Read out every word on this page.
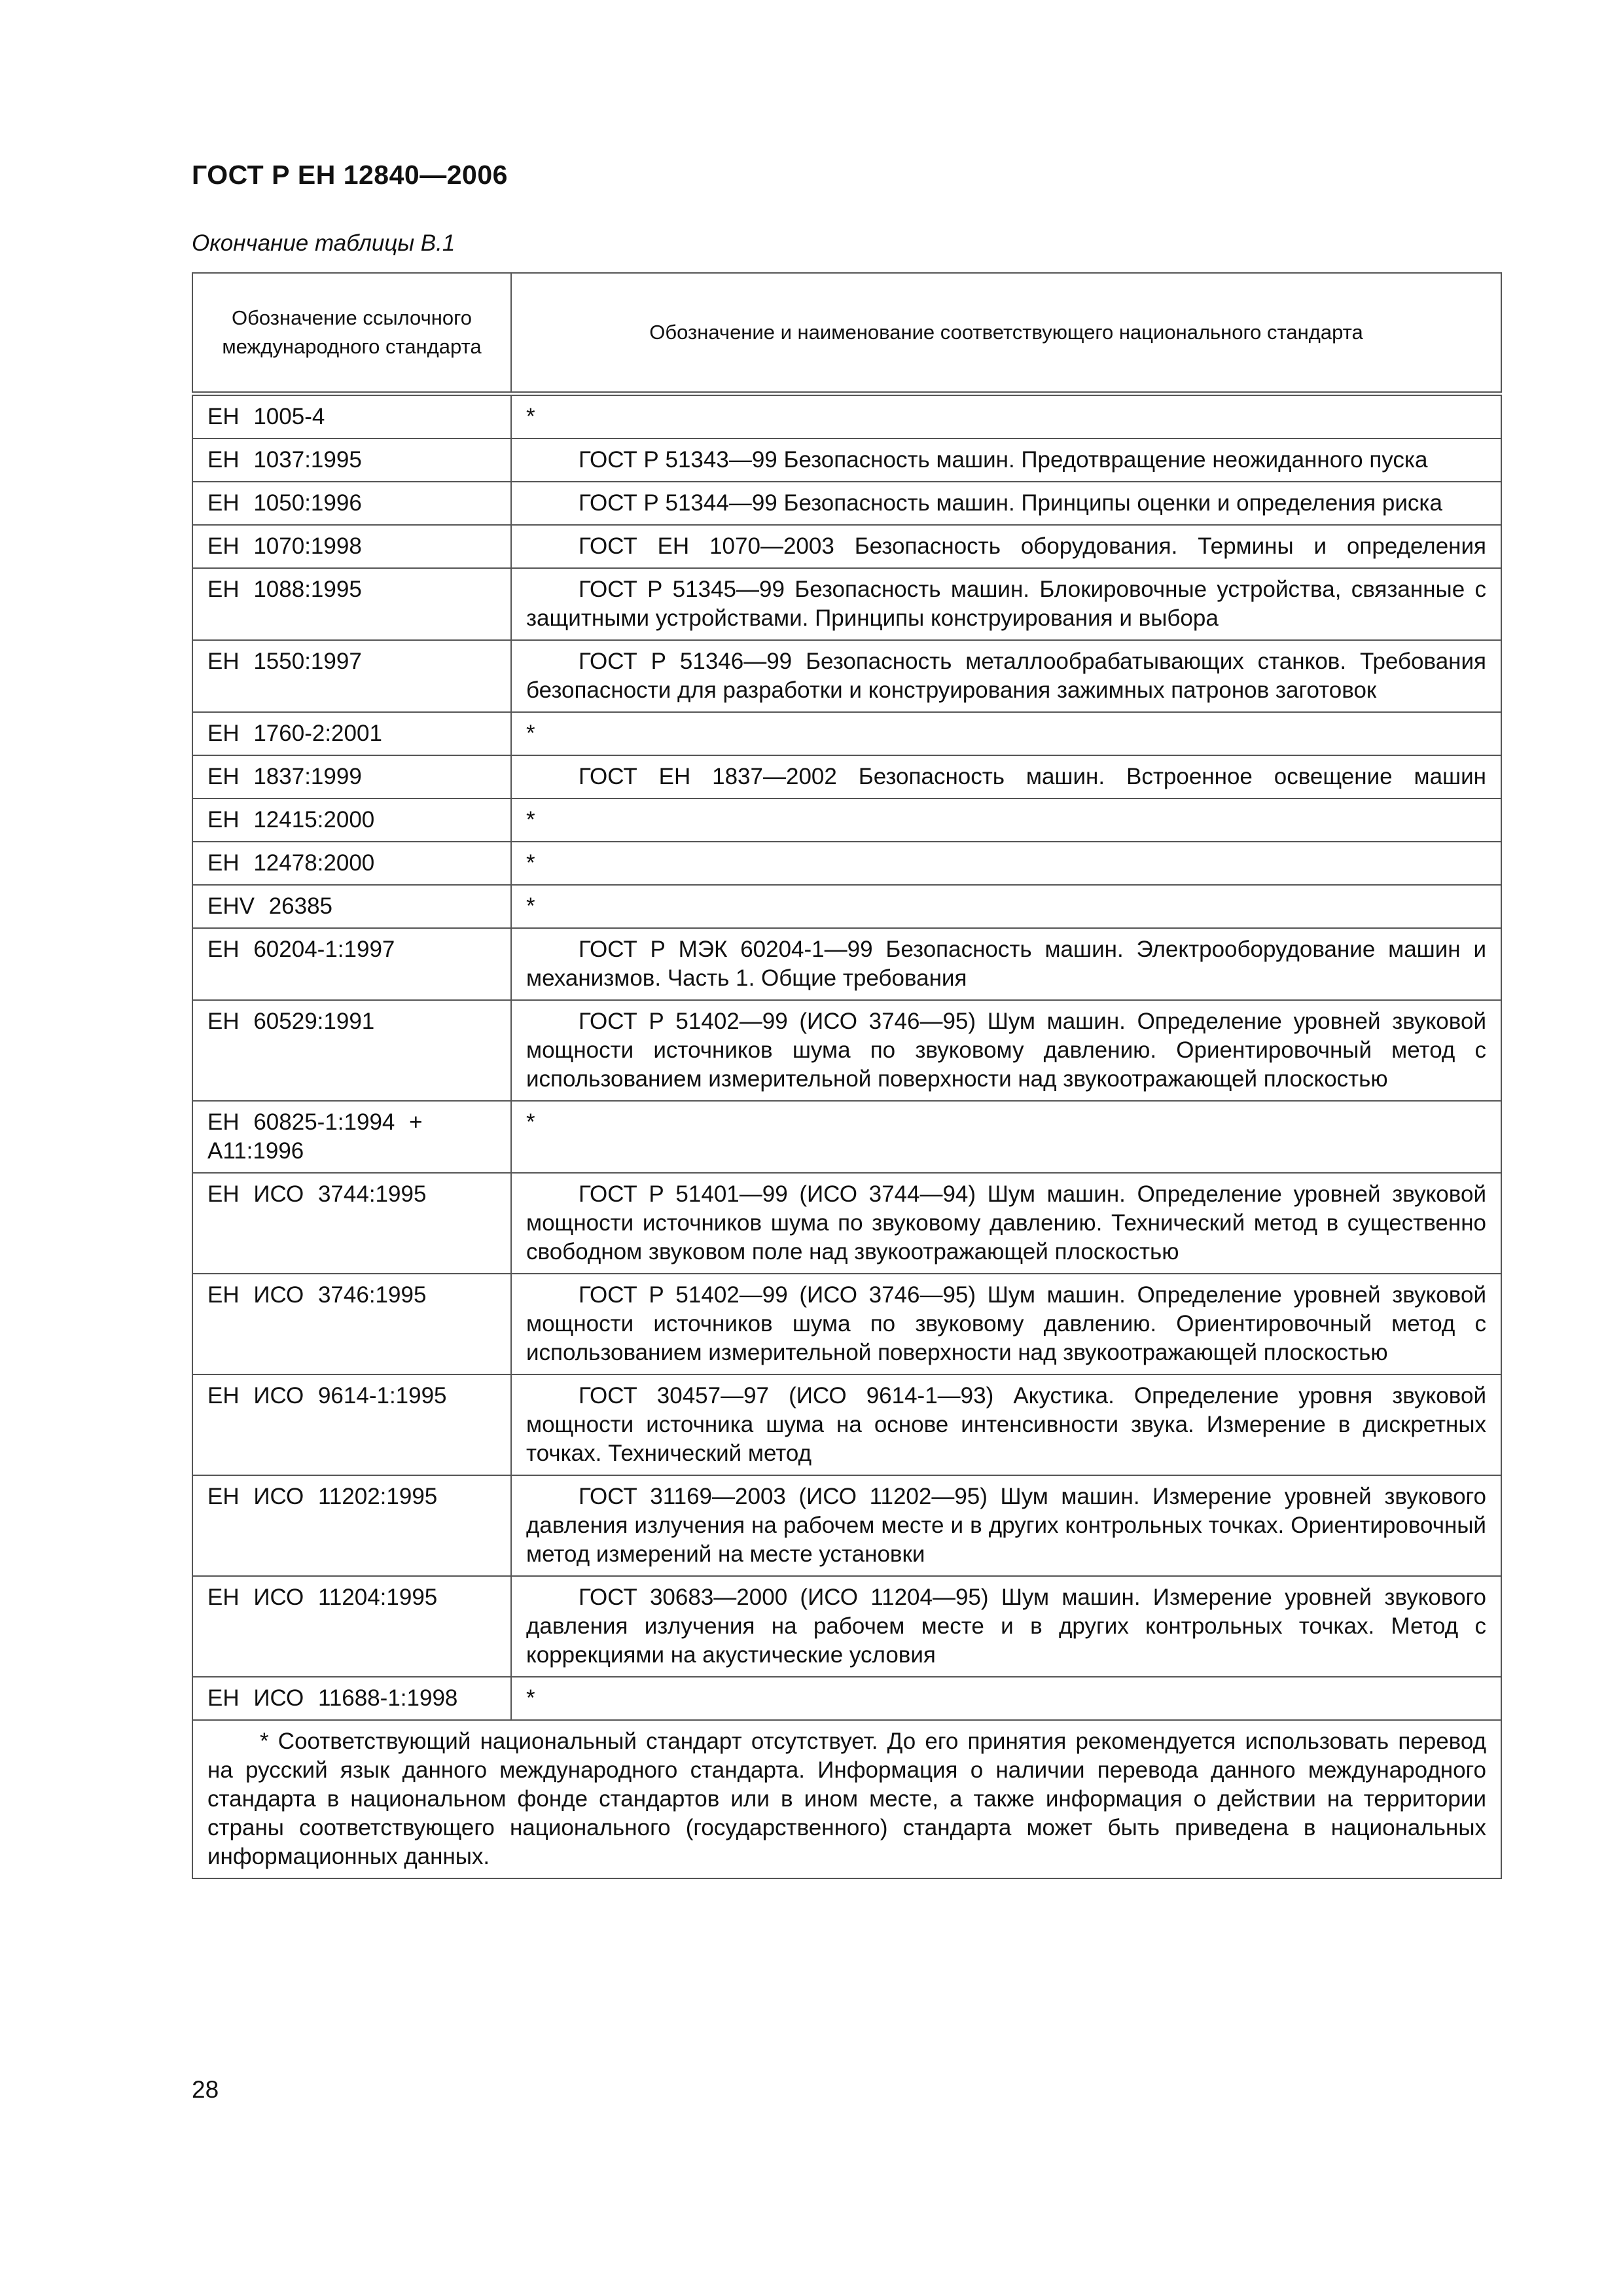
ГОСТ Р ЕН 12840—2006
Окончание таблицы В.1
Обозначение ссылочного международного стандарта	Обозначение и наименование соответствующего национального стандарта
ЕН 1005-4	*
ЕН 1037:1995	ГОСТ Р 51343—99 Безопасность машин. Предотвращение неожиданного пуска
ЕН 1050:1996	ГОСТ Р 51344—99 Безопасность машин. Принципы оценки и определения риска
ЕН 1070:1998	ГОСТ ЕН 1070—2003 Безопасность оборудования. Термины и определения
ЕН 1088:1995	ГОСТ Р 51345—99 Безопасность машин. Блокировочные устройства, связанные с защитными устройствами. Принципы конструирования и выбора
ЕН 1550:1997	ГОСТ Р 51346—99 Безопасность металлообрабатывающих станков. Требования безопасности для разработки и конструирования зажимных патронов заготовок
ЕН 1760-2:2001	*
ЕН 1837:1999	ГОСТ ЕН 1837—2002 Безопасность машин. Встроенное освещение машин
ЕН 12415:2000	*
ЕН 12478:2000	*
ЕНV 26385	*
ЕН 60204-1:1997	ГОСТ Р МЭК 60204-1—99 Безопасность машин. Электрооборудование машин и механизмов. Часть 1. Общие требования
ЕН 60529:1991	ГОСТ Р 51402—99 (ИСО 3746—95) Шум машин. Определение уровней звуковой мощности источников шума по звуковому давлению. Ориентировочный метод с использованием измерительной поверхности над звукоотражающей плоскостью
ЕН 60825-1:1994 + А11:1996	*
ЕН ИСО 3744:1995	ГОСТ Р 51401—99 (ИСО 3744—94) Шум машин. Определение уровней звуковой мощности источников шума по звуковому давлению. Технический метод в существенно свободном звуковом поле над звукоотражающей плоскостью
ЕН ИСО 3746:1995	ГОСТ Р 51402—99 (ИСО 3746—95) Шум машин. Определение уровней звуковой мощности источников шума по звуковому давлению. Ориентировочный метод с использованием измерительной поверхности над звукоотражающей плоскостью
ЕН ИСО 9614-1:1995	ГОСТ 30457—97 (ИСО 9614-1—93) Акустика. Определение уровня звуковой мощности источника шума на основе интенсивности звука. Измерение в дискретных точках. Технический метод
ЕН ИСО 11202:1995	ГОСТ 31169—2003 (ИСО 11202—95) Шум машин. Измерение уровней звукового давления излучения на рабочем месте и в других контрольных точках. Ориентировочный метод измерений на месте установки
ЕН ИСО 11204:1995	ГОСТ 30683—2000 (ИСО 11204—95) Шум машин. Измерение уровней звукового давления излучения на рабочем месте и в других контрольных точках. Метод с коррекциями на акустические условия
ЕН ИСО 11688-1:1998	*
* Соответствующий национальный стандарт отсутствует. До его принятия рекомендуется использовать перевод на русский язык данного международного стандарта. Информация о наличии перевода данного международного стандарта в национальном фонде стандартов или в ином месте, а также информация о действии на территории страны соответствующего национального (государственного) стандарта может быть приведена в национальных информационных данных.	
28
